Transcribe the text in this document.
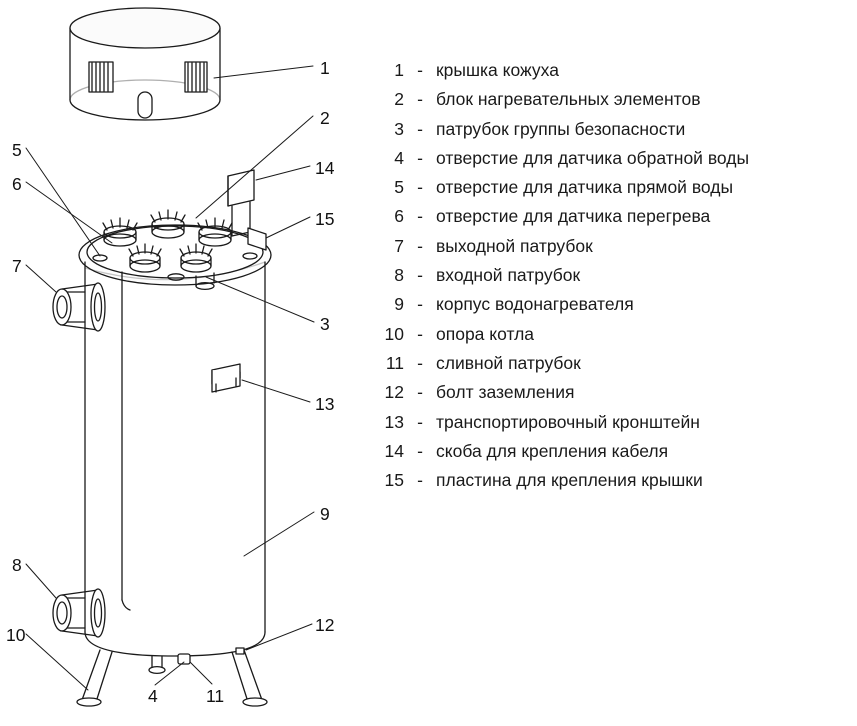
1
2
5
14
6
15
7
3
13
9
8
12
10
4	11
1 - крышка кожуха
2 - блок нагревательных элементов
3 - патрубок группы безопасности
4 - отверстие для датчика обратной воды
5 - отверстие для датчика прямой воды
6 - отверстие для датчика перегрева
7 - выходной патрубок
8 - входной патрубок
9 - корпус водонагревателя
10 - опора котла
11 - сливной патрубок
12 - болт заземления
13 - транспортировочный кронштейн
14 - скоба для крепления кабеля
15 - пластина для крепления крышки
